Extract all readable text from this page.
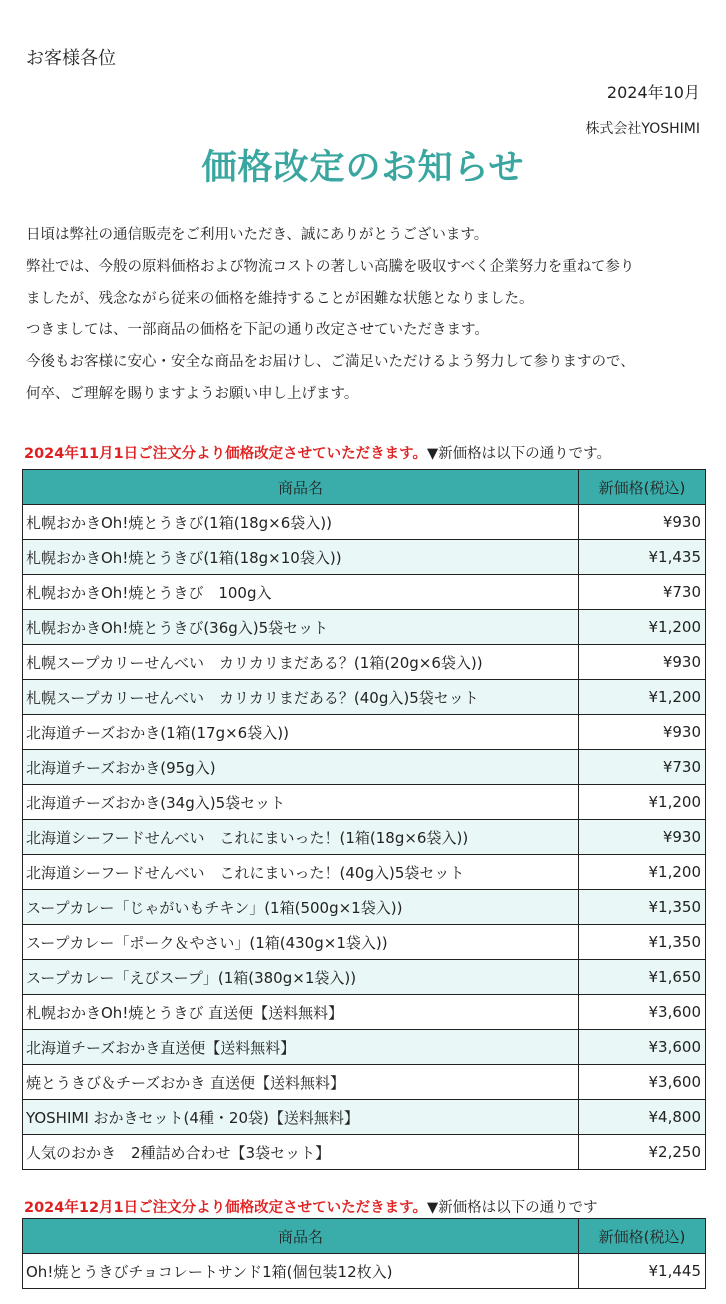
お客様各位
2024年10月
株式会社YOSHIMI
価格改定のお知らせ
日頃は弊社の通信販売をご利用いただき、誠にありがとうございます。
弊社では、今般の原料価格および物流コストの著しい高騰を吸収すべく企業努力を重ねて参り
ましたが、残念ながら従来の価格を維持することが困難な状態となりました。
つきましては、一部商品の価格を下記の通り改定させていただきます。
今後もお客様に安心・安全な商品をお届けし、ご満足いただけるよう努力して参りますので、
何卒、ご理解を賜りますようお願い申し上げます。
2024年11月1日ご注文分より価格改定させていただきます。▼新価格は以下の通りです。
商品名	新価格(税込)
札幌おかきOh!焼とうきび(1箱(18g×6袋入))	¥930
札幌おかきOh!焼とうきび(1箱(18g×10袋入))	¥1,435
札幌おかきOh!焼とうきび　100g入	¥730
札幌おかきOh!焼とうきび(36g入)5袋セット	¥1,200
札幌スープカリーせんべい　カリカリまだある？(1箱(20g×6袋入))	¥930
札幌スープカリーせんべい　カリカリまだある？(40g入)5袋セット	¥1,200
北海道チーズおかき(1箱(17g×6袋入))	¥930
北海道チーズおかき(95g入)	¥730
北海道チーズおかき(34g入)5袋セット	¥1,200
北海道シーフードせんべい　これにまいった！(1箱(18g×6袋入))	¥930
北海道シーフードせんべい　これにまいった！(40g入)5袋セット	¥1,200
スープカレー「じゃがいもチキン」(1箱(500g×1袋入))	¥1,350
スープカレー「ポーク＆やさい」(1箱(430g×1袋入))	¥1,350
スープカレー「えびスープ」(1箱(380g×1袋入))	¥1,650
札幌おかきOh!焼とうきび 直送便【送料無料】	¥3,600
北海道チーズおかき直送便【送料無料】	¥3,600
焼とうきび＆チーズおかき 直送便【送料無料】	¥3,600
YOSHIMI おかきセット(4種・20袋)【送料無料】	¥4,800
人気のおかき　2種詰め合わせ【3袋セット】	¥2,250
2024年12月1日ご注文分より価格改定させていただきます。▼新価格は以下の通りです
商品名	新価格(税込)
Oh!焼とうきびチョコレートサンド1箱(個包装12枚入)	¥1,445
